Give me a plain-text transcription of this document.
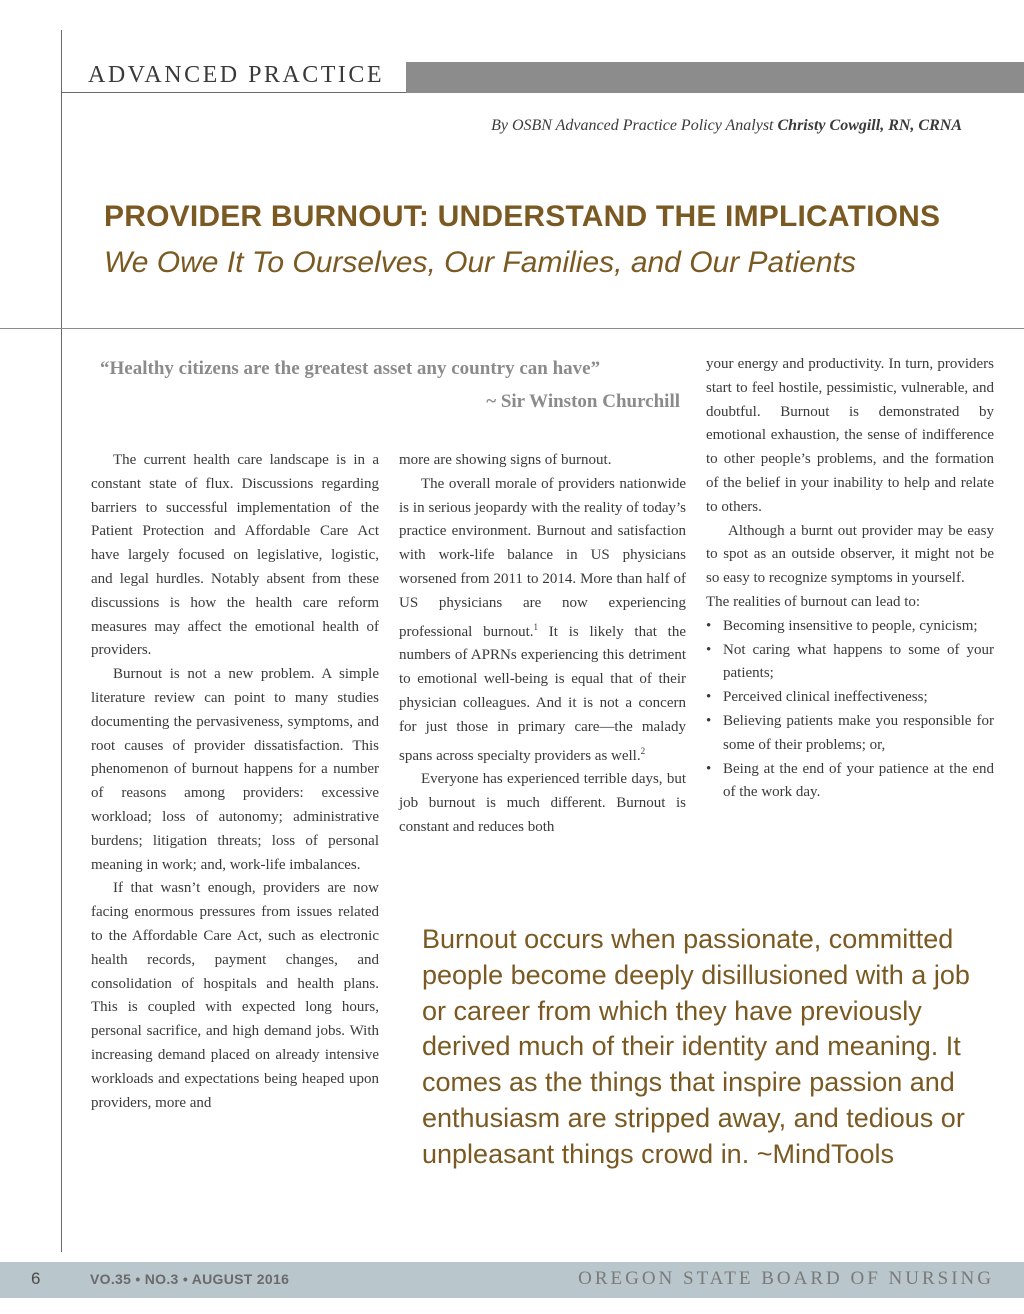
ADVANCED PRACTICE
By OSBN Advanced Practice Policy Analyst Christy Cowgill, RN, CRNA
PROVIDER BURNOUT: UNDERSTAND THE IMPLICATIONS
We Owe It To Ourselves, Our Families, and Our Patients
“Healthy citizens are the greatest asset any country can have”
~ Sir Winston Churchill

The current health care landscape is in a constant state of flux. Discussions regarding barriers to successful implementation of the Patient Protection and Affordable Care Act have largely focused on legislative, logistic, and legal hurdles. Notably absent from these discussions is how the health care reform measures may affect the emotional health of providers.

Burnout is not a new problem. A simple literature review can point to many studies documenting the pervasiveness, symptoms, and root causes of provider dissatisfaction. This phenomenon of burnout happens for a number of reasons among providers: excessive workload; loss of autonomy; administrative burdens; litigation threats; loss of personal meaning in work; and, work-life imbalances.

If that wasn’t enough, providers are now facing enormous pressures from issues related to the Affordable Care Act, such as electronic health records, payment changes, and consolidation of hospitals and health plans. This is coupled with expected long hours, personal sacrifice, and high demand jobs. With increasing demand placed on already intensive workloads and expectations being heaped upon providers, more and

more are showing signs of burnout.

The overall morale of providers nationwide is in serious jeopardy with the reality of today’s practice environment. Burnout and satisfaction with work-life balance in US physicians worsened from 2011 to 2014. More than half of US physicians are now experiencing professional burnout.$^1$ It is likely that the numbers of APRNs experiencing this detriment to emotional well-being is equal that of their physician colleagues. And it is not a concern for just those in primary care—the malady spans across specialty providers as well.$^2$

Everyone has experienced terrible days, but job burnout is much different. Burnout is constant and reduces both

your energy and productivity. In turn, providers start to feel hostile, pessimistic, vulnerable, and doubtful. Burnout is demonstrated by emotional exhaustion, the sense of indifference to other people’s problems, and the formation of the belief in your inability to help and relate to others.

Although a burnt out provider may be easy to spot as an outside observer, it might not be so easy to recognize symptoms in yourself.

The realities of burnout can lead to:

• Becoming insensitive to people, cynicism;
• Not caring what happens to some of your patients;
• Perceived clinical ineffectiveness;
• Believing patients make you responsible for some of their problems; or,
• Being at the end of your patience at the end of the work day.
Burnout occurs when passionate, committed people become deeply disillusioned with a job or career from which they have previously derived much of their identity and meaning. It comes as the things that inspire passion and enthusiasm are stripped away, and tedious or unpleasant things crowd in. ~MindTools
6	VO.35 • NO.3 • AUGUST 2016	OREGON STATE BOARD OF NURSING
